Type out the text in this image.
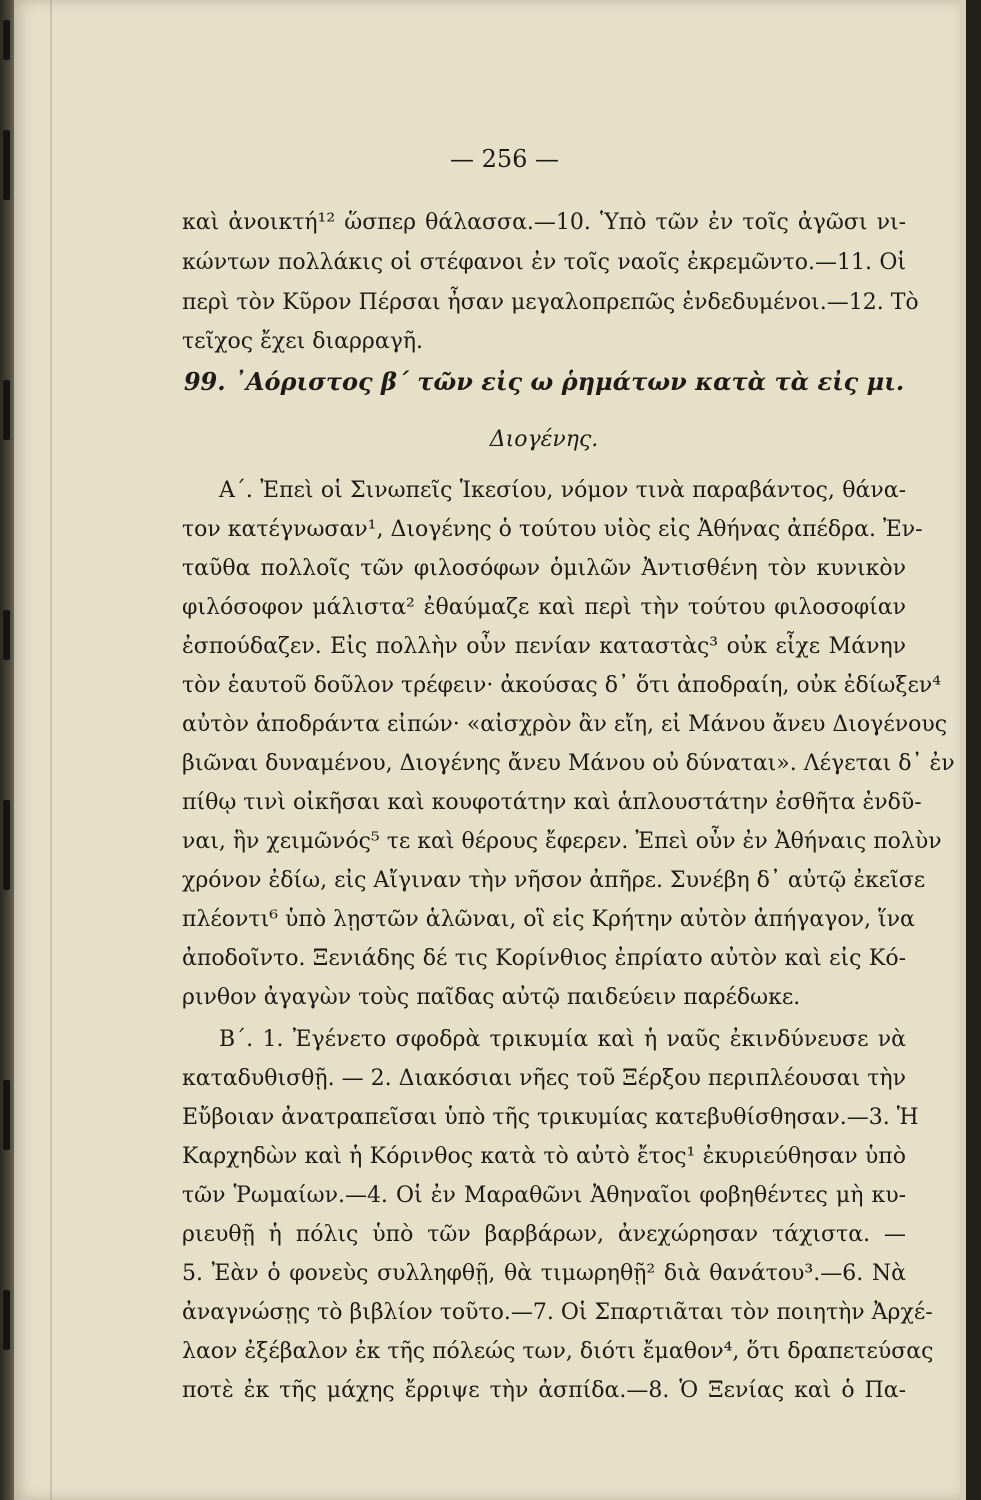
— 256 —
καὶ ἀνοικτή¹² ὥσπερ θάλασσα.—10. Ὑπὸ τῶν ἐν τοῖς ἀγῶσι νι-
κώντων πολλάκις οἱ στέφανοι ἐν τοῖς ναοῖς ἐκρεμῶντο.—11. Οἱ
περὶ τὸν Κῦρον Πέρσαι ἦσαν μεγαλοπρεπῶς ἐνδεδυμένοι.—12. Τὸ
τεῖχος ἔχει διαρραγῆ.
99. ᾿Αόριστος β΄ τῶν εἰς ω ῥημάτων κατὰ τὰ εἰς μι.
Διογένης.
Α΄. Ἐπεὶ οἱ Σινωπεῖς Ἱκεσίου, νόμον τινὰ παραβάντος, θάνα-
τον κατέγνωσαν¹, Διογένης ὁ τούτου υἱὸς εἰς Ἀθήνας ἀπέδρα. Ἐν-
ταῦθα πολλοῖς τῶν φιλοσόφων ὁμιλῶν Ἀντισθένη τὸν κυνικὸν
φιλόσοφον μάλιστα² ἐθαύμαζε καὶ περὶ τὴν τούτου φιλοσοφίαν
ἐσπούδαζεν. Εἰς πολλὴν οὖν πενίαν καταστὰς³ οὐκ εἶχε Μάνην
τὸν ἑαυτοῦ δοῦλον τρέφειν· ἀκούσας δ᾿ ὅτι ἀποδραίη, οὐκ ἐδίωξεν⁴
αὐτὸν ἀποδράντα εἰπών· «αἰσχρὸν ἂν εἴη, εἰ Μάνου ἄνευ Διογένους
βιῶναι δυναμένου, Διογένης ἄνευ Μάνου οὐ δύναται». Λέγεται δ᾿ ἐν
πίθῳ τινὶ οἰκῆσαι καὶ κουφοτάτην καὶ ἁπλουστάτην ἐσθῆτα ἐνδῦ-
ναι, ἣν χειμῶνός⁵ τε καὶ θέρους ἔφερεν. Ἐπεὶ οὖν ἐν Ἀθήναις πολὺν
χρόνον ἐδίω, εἰς Αἴγιναν τὴν νῆσον ἀπῆρε. Συνέβη δ᾿ αὐτῷ ἐκεῖσε
πλέοντι⁶ ὑπὸ λῃστῶν ἁλῶναι, οἳ εἰς Κρήτην αὐτὸν ἀπήγαγον, ἵνα
ἀποδοῖντο. Ξενιάδης δέ τις Κορίνθιος ἐπρίατο αὐτὸν καὶ εἰς Κό-
ρινθον ἀγαγὼν τοὺς παῖδας αὐτῷ παιδεύειν παρέδωκε.
Β΄. 1. Ἐγένετο σφοδρὰ τρικυμία καὶ ἡ ναῦς ἐκινδύνευσε νὰ
καταδυθισθῇ. — 2. Διακόσιαι νῆες τοῦ Ξέρξου περιπλέουσαι τὴν
Εὔβοιαν ἀνατραπεῖσαι ὑπὸ τῆς τρικυμίας κατεβυθίσθησαν.—3. Ἡ
Καρχηδὼν καὶ ἡ Κόρινθος κατὰ τὸ αὐτὸ ἔτος¹ ἐκυριεύθησαν ὑπὸ
τῶν Ῥωμαίων.—4. Οἱ ἐν Μαραθῶνι Ἀθηναῖοι φοβηθέντες μὴ κυ-
ριευθῇ ἡ πόλις ὑπὸ τῶν βαρβάρων, ἀνεχώρησαν τάχιστα. —
5. Ἐὰν ὁ φονεὺς συλληφθῇ, θὰ τιμωρηθῇ² διὰ θανάτου³.—6. Νὰ
ἀναγνώσῃς τὸ βιβλίον τοῦτο.—7. Οἱ Σπαρτιᾶται τὸν ποιητὴν Ἀρχέ-
λαον ἐξέβαλον ἐκ τῆς πόλεώς των, διότι ἔμαθον⁴, ὅτι δραπετεύσας
ποτὲ ἐκ τῆς μάχης ἔρριψε τὴν ἀσπίδα.—8. Ὁ Ξενίας καὶ ὁ Πα-
